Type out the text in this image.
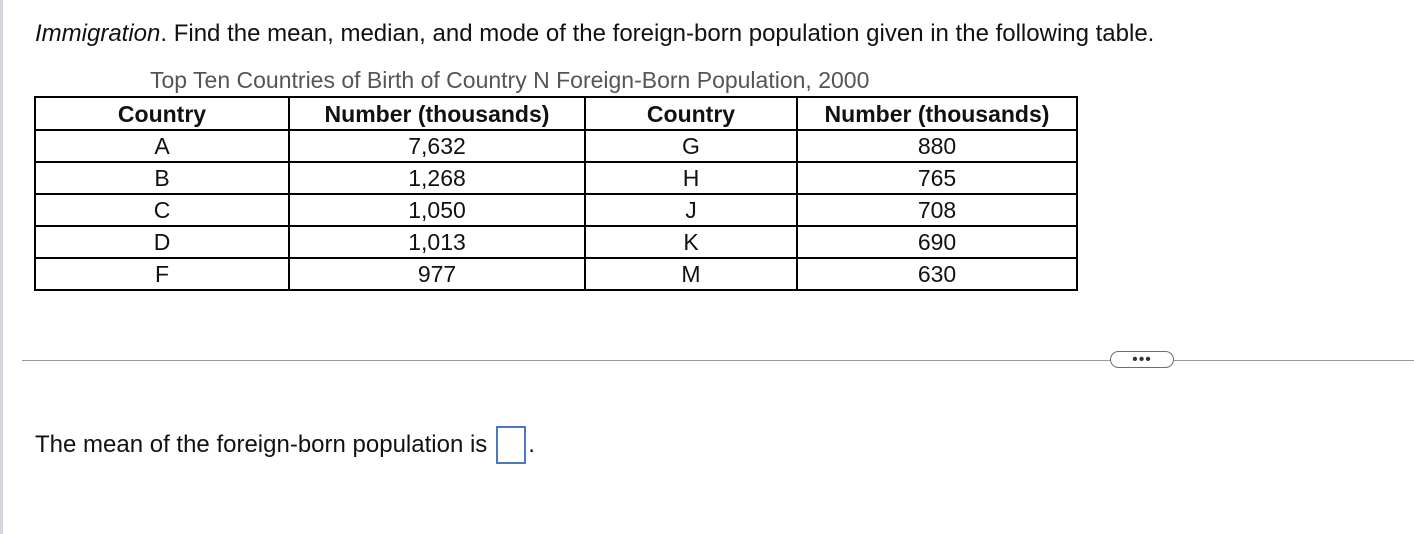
Immigration. Find the mean, median, and mode of the foreign-born population given in the following table.
Top Ten Countries of Birth of Country N Foreign-Born Population, 2000
Country	Number (thousands)	Country	Number (thousands)
A	7,632	G	880
B	1,268	H	765
C	1,050	J	708
D	1,013	K	690
F	977	M	630
•••
The mean of the foreign-born population is .
